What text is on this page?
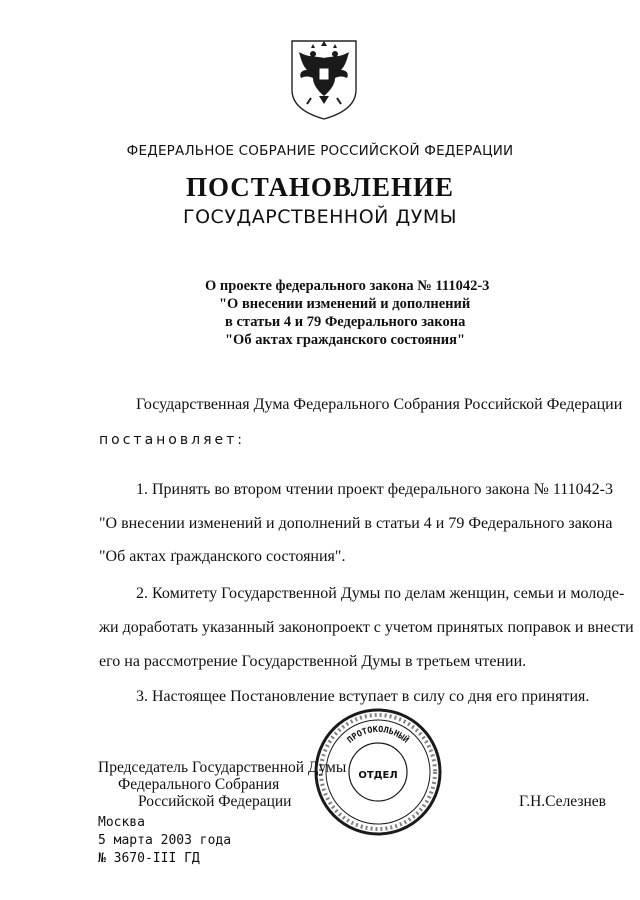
ФЕДЕРАЛЬНОЕ СОБРАНИЕ РОССИЙСКОЙ ФЕДЕРАЦИИ
ПОСТАНОВЛЕНИЕ
ГОСУДАРСТВЕННОЙ ДУМЫ
О проекте федерального закона № 111042-3
"О внесении изменений и дополнений
в статьи 4 и 79 Федерального закона
"Об актах гражданского состояния"
Государственная Дума Федерального Собрания Российской Федерации
постановляет:
1. Принять во втором чтении проект федерального закона № 111042-3
"О внесении изменений и дополнений в статьи 4 и 79 Федерального закона
"Об актах ґражданского состояния".
2. Комитету Государственной Думы по делам женщин, семьи и молоде-
жи доработать указанный законопроект с учетом принятых поправок и внести
его на рассмотрение Государственной Думы в третьем чтении.
3. Настоящее Постановление вступает в силу со дня его принятия.
Председатель Государственной Думы
Федерального Собрания
Российской Федерации	Г.Н.Селезнев
ПРОТОКОЛЬНЫЙ
ОТДЕЛ
Москва
5 марта 2003 года
№ 3670-III ГД
